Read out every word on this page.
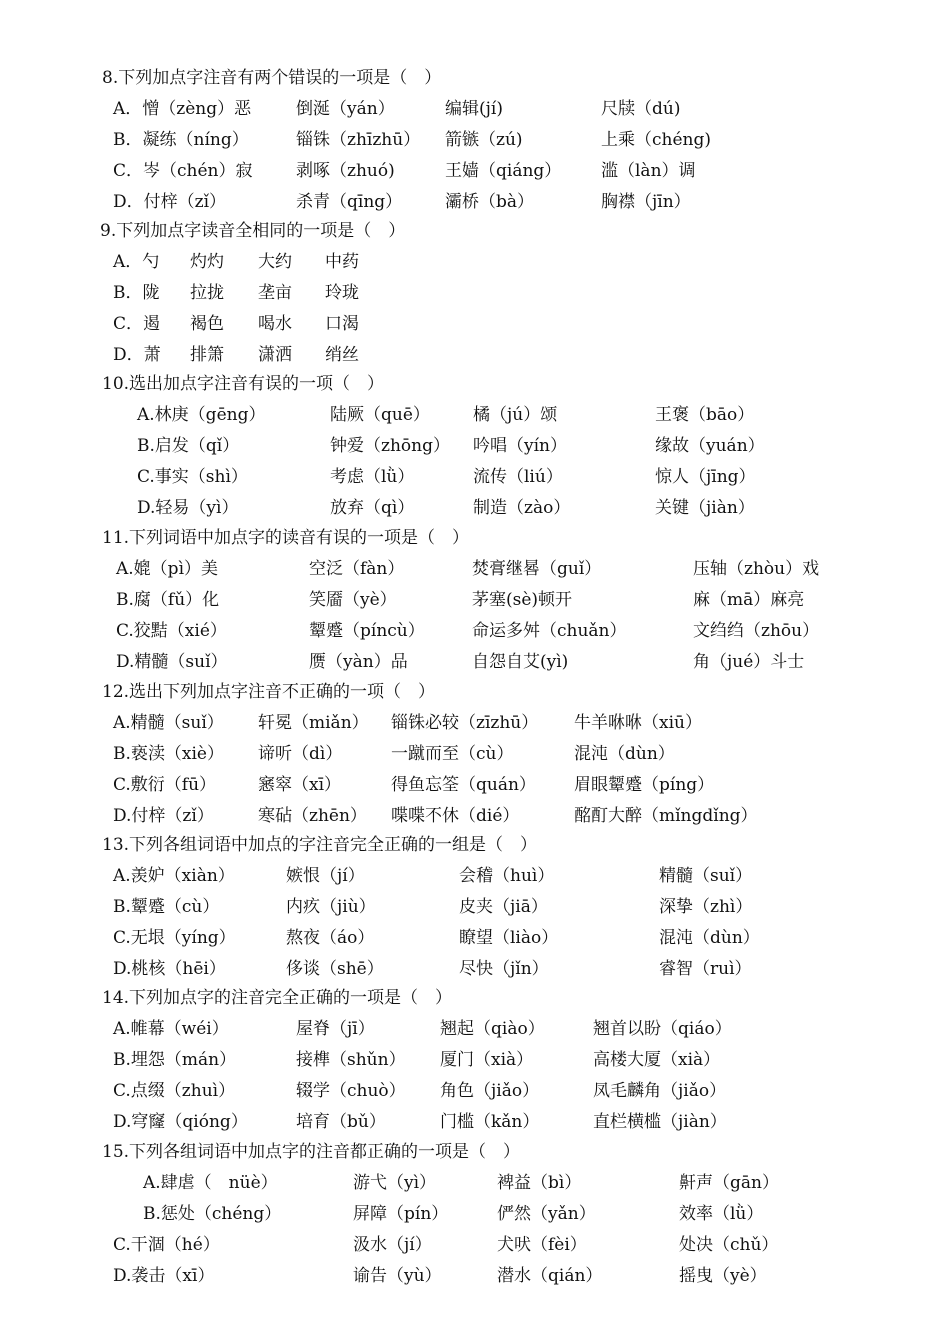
8.下列加点字注音有两个错误的一项是（　）
A．憎（zèng）恶	倒涎（yán）	编辑(jí)	尺牍（dú)
B．凝练（níng）	锱铢（zhīzhū） 箭镞（zú)	上乘（chéng)
C．岑（chén）寂	剥啄（zhuó)	王嫱（qiáng） 滥（làn）调
D．付梓（zǐ）	杀青（qīng）	灞桥（bà）	胸襟（jīn）
9.下列加点字读音全相同的一项是（　）
A．勺 灼灼 大约 中药
B．陇 拉拢 垄亩 玲珑
C．遏 褐色 喝水 口渴
D．萧 排箫 潇洒 绡丝
10.选出加点字注音有误的一项（　）
A.林庚（gēng）	陆厥（quē）	橘（jú）颂	王褒（bāo）
B.启发（qǐ）	钟爱（zhōng） 吟唱（yín）	缘故（yuán）
C.事实（shì）	考虑（lǜ）	流传（liú）	惊人（jīng）
D.轻易（yì）	放弃（qì）	制造（zào）	关键（jiàn）
11.下列词语中加点字的读音有误的一项是（　）
A.媲（pì）美	空泛（fàn）	焚膏继晷（guǐ）	压轴（zhòu）戏
B.腐（fǔ）化	笑靥（yè）	茅塞(sè)顿开	麻（mā）麻亮
C.狡黠（xié）	颦蹙（píncù）	命运多舛（chuǎn）	文绉绉（zhōu）
D.精髓（suǐ）	赝（yàn）品	自怨自艾(yì)	角（jué）斗士
12.选出下列加点字注音不正确的一项（　）
A.精髓（suǐ） 轩冕（miǎn） 锱铢必较（zīzhū） 牛羊咻咻（xiū）
B.亵渎（xiè） 谛听（dì）	一蹴而至（cù）	混沌（dùn）
C.敷衍（fū） 窸窣（xī）	得鱼忘筌（quán） 眉眼颦蹙（píng）
D.付梓（zǐ）	寒砧（zhēn） 喋喋不休（dié）	酩酊大醉（mǐngdǐng）
13.下列各组词语中加点的字注音完全正确的一组是（　）
A.羡妒（xiàn）	嫉恨（jí）	会稽（huì）	精髓（suǐ）
B.颦蹙（cù）	内疚（jiù）	皮夹（jiā）	深挚（zhì）
C.无垠（yíng）	熬夜（áo）	瞭望（liào）	混沌（dùn）
D.桃核（hēi）	侈谈（shē）	尽快（jǐn）	睿智（ruì）
14.下列加点字的注音完全正确的一项是（　）
A.帷幕（wéi）	屋脊（jī）	翘起（qiào）	翘首以盼（qiáo）
B.埋怨（mán）	接榫（shǔn） 厦门（xià）	高楼大厦（xià）
C.点缀（zhuì）	辍学（chuò） 角色（jiǎo）	凤毛麟角（jiǎo）
D.穹窿（qióng）	培育（bǔ）	门槛（kǎn）	直栏横槛（jiàn）
15.下列各组词语中加点字的注音都正确的一项是（　）
A.肆虐（　nüè）	游弋（yì）	裨益（bì）	鼾声（gān）
B.惩处（chéng）	屏障（pín）	俨然（yǎn）	效率（lǜ）
C.干涸（hé）	汲水（jí）	犬吠（fèi）	处决（chǔ）
D.袭击（xī）	谕告（yù）	潜水（qián）	摇曳（yè）
